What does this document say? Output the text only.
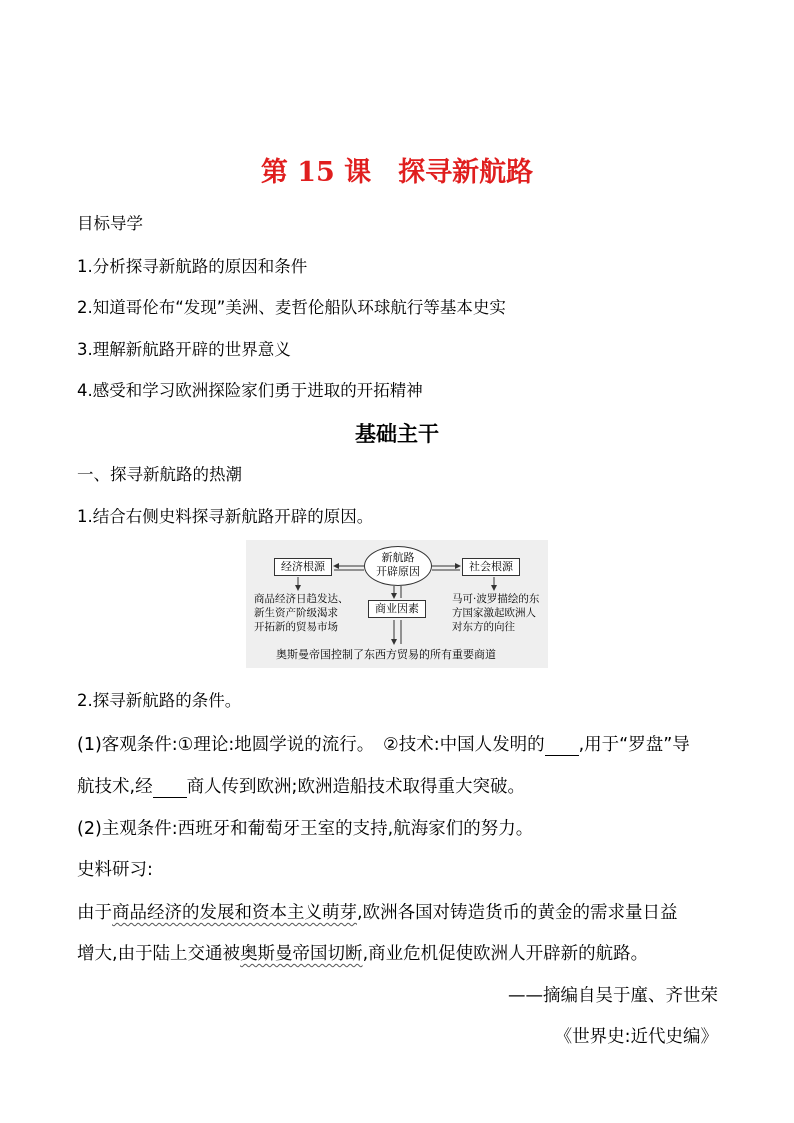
第 15 课　探寻新航路
目标导学
1.分析探寻新航路的原因和条件
2.知道哥伦布“发现”美洲、麦哲伦船队环球航行等基本史实
3.理解新航路开辟的世界意义
4.感受和学习欧洲探险家们勇于进取的开拓精神
基础主干
一、探寻新航路的热潮
1.结合右侧史料探寻新航路开辟的原因。
经济根源	社会根源
新航路
开辟原因
商业因素
商品经济日趋发达、
新生资产阶级渴求
开拓新的贸易市场
马可·波罗描绘的东
方国家激起欧洲人
对东方的向往
奥斯曼帝国控制了东西方贸易的所有重要商道
2.探寻新航路的条件。
(1)客观条件:①理论:地圆学说的流行。　②技术:中国人发明的 ,用于“罗盘”导
航技术,经 商人传到欧洲;欧洲造船技术取得重大突破。
(2)主观条件:西班牙和葡萄牙王室的支持,航海家们的努力。
史料研习:
由于商品经济的发展和资本主义萌芽,欧洲各国对铸造货币的黄金的需求量日益
增大,由于陆上交通被奥斯曼帝国切断,商业危机促使欧洲人开辟新的航路。
——摘编自吴于廑、齐世荣
《世界史:近代史编》
